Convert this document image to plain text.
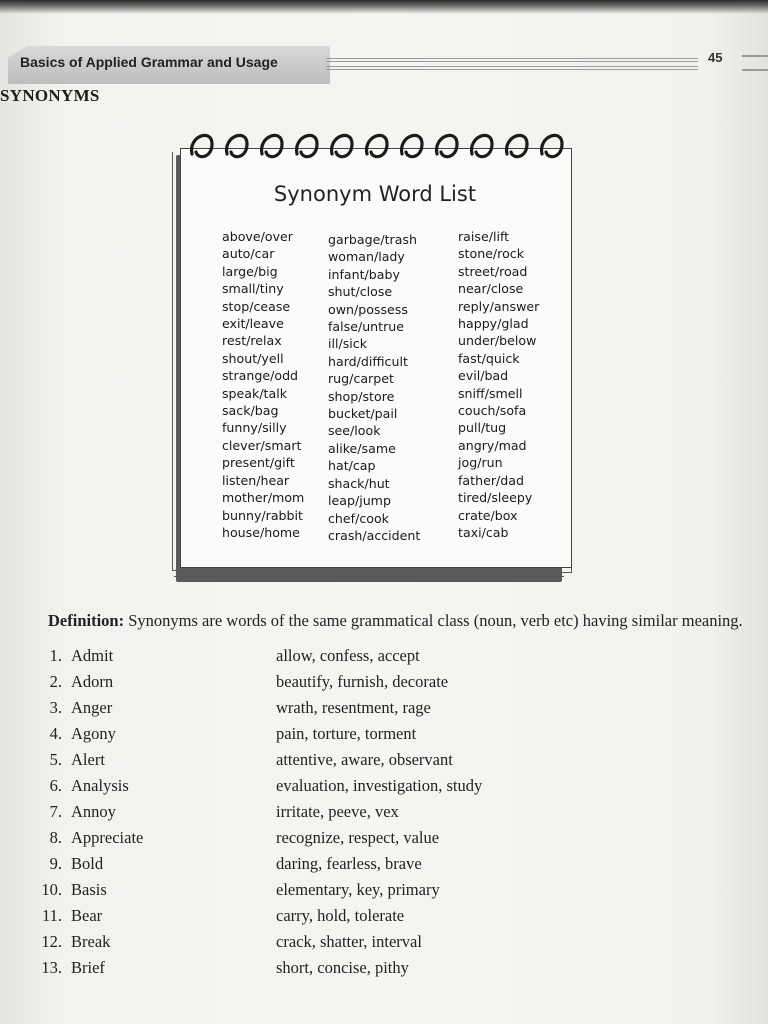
Basics of Applied Grammar and Usage	45
SYNONYMS
Synonym Word List
above/over
auto/car
large/big
small/tiny
stop/cease
exit/leave
rest/relax
shout/yell
strange/odd
speak/talk
sack/bag
funny/silly
clever/smart
present/gift
listen/hear
mother/mom
bunny/rabbit
house/home
garbage/trash
woman/lady
infant/baby
shut/close
own/possess
false/untrue
ill/sick
hard/difficult
rug/carpet
shop/store
bucket/pail
see/look
alike/same
hat/cap
shack/hut
leap/jump
chef/cook
crash/accident
raise/lift
stone/rock
street/road
near/close
reply/answer
happy/glad
under/below
fast/quick
evil/bad
sniff/smell
couch/sofa
pull/tug
angry/mad
jog/run
father/dad
tired/sleepy
crate/box
taxi/cab

Definition: Synonyms are words of the same grammatical class (noun, verb etc) having similar meaning.

1. Admit	allow, confess, accept
2. Adorn	beautify, furnish, decorate
3. Anger	wrath, resentment, rage
4. Agony	pain, torture, torment
5. Alert	attentive, aware, observant
6. Analysis	evaluation, investigation, study
7. Annoy	irritate, peeve, vex
8. Appreciate	recognize, respect, value
9. Bold	daring, fearless, brave
10. Basis	elementary, key, primary
11. Bear	carry, hold, tolerate
12. Break	crack, shatter, interval
13. Brief	short, concise, pithy
